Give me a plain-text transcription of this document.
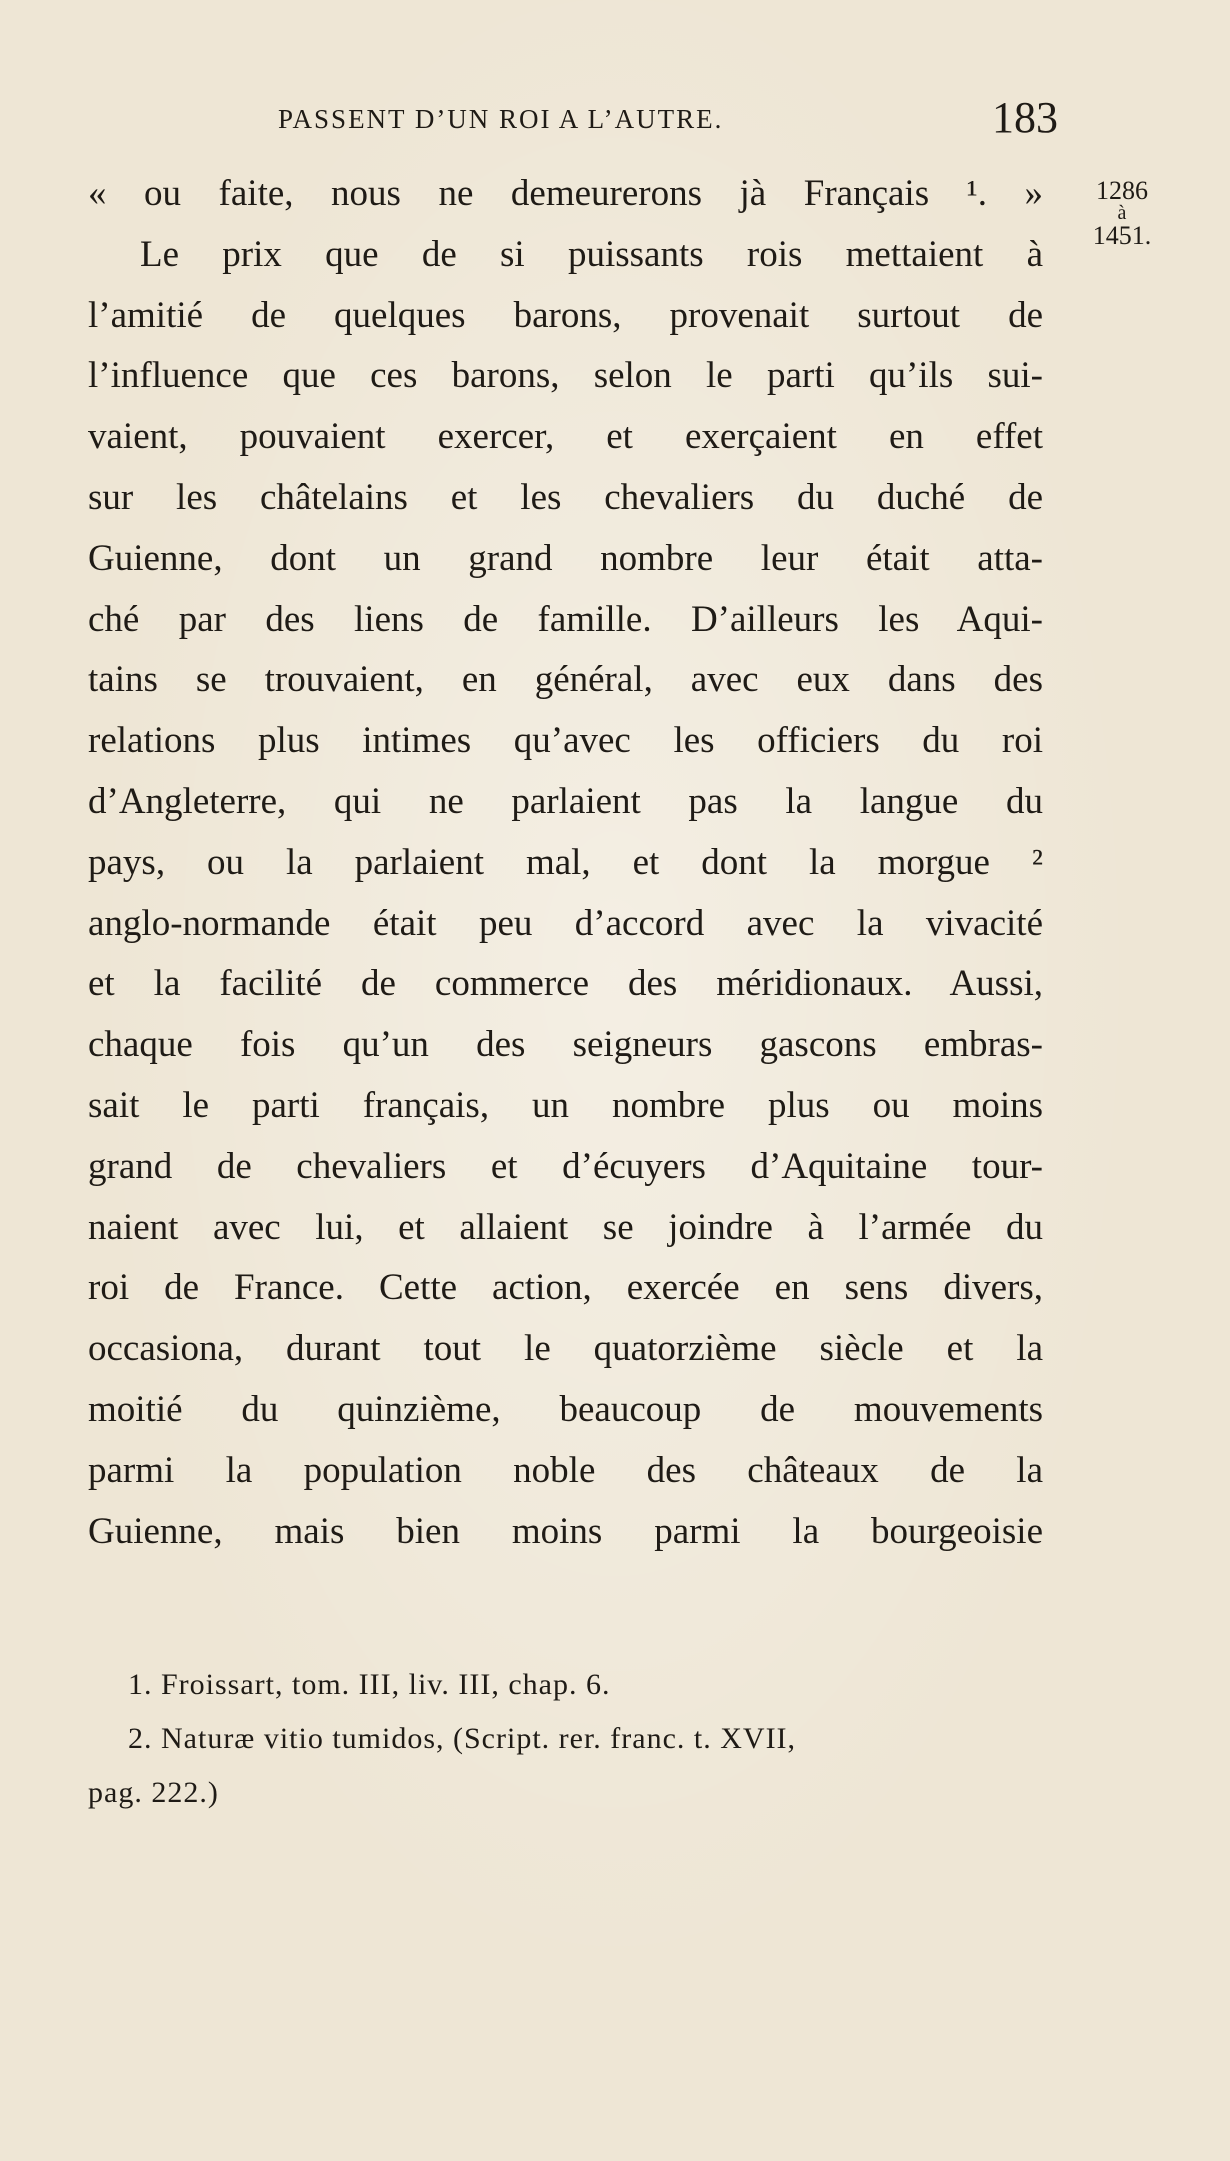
PASSENT D’UN ROI A L’AUTRE.	183
1286
à
1451.
« ou faite, nous ne demeurerons jà Français ¹. »
Le prix que de si puissants rois mettaient à
l’amitié de quelques barons, provenait surtout de
l’influence que ces barons, selon le parti qu’ils sui-
vaient, pouvaient exercer, et exerçaient en effet
sur les châtelains et les chevaliers du duché de
Guienne, dont un grand nombre leur était atta-
ché par des liens de famille. D’ailleurs les Aqui-
tains se trouvaient, en général, avec eux dans des
relations plus intimes qu’avec les officiers du roi
d’Angleterre, qui ne parlaient pas la langue du
pays, ou la parlaient mal, et dont la morgue ²
anglo-normande était peu d’accord avec la vivacité
et la facilité de commerce des méridionaux. Aussi,
chaque fois qu’un des seigneurs gascons embras-
sait le parti français, un nombre plus ou moins
grand de chevaliers et d’écuyers d’Aquitaine tour-
naient avec lui, et allaient se joindre à l’armée du
roi de France. Cette action, exercée en sens divers,
occasiona, durant tout le quatorzième siècle et la
moitié du quinzième, beaucoup de mouvements
parmi la population noble des châteaux de la
Guienne, mais bien moins parmi la bourgeoisie
1. Froissart, tom. III, liv. III, chap. 6.
2. Naturæ vitio tumidos, (Script. rer. franc. t. XVII,
pag. 222.)
